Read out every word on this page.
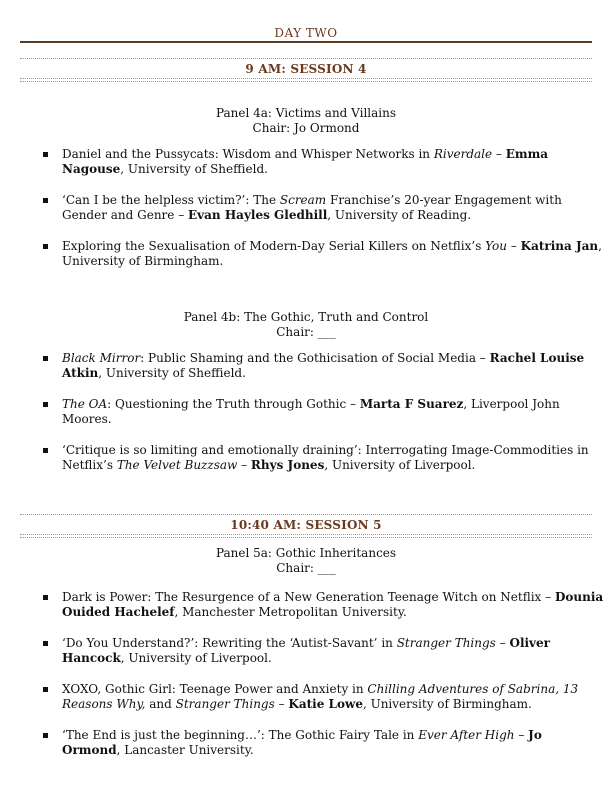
DAY TWO
9 AM: SESSION 4
Panel 4a: Victims and Villains
Chair: Jo Ormond
Daniel and the Pussycats: Wisdom and Whisper Networks in Riverdale – Emma Nagouse, University of Sheffield.
‘Can I be the helpless victim?’: The Scream Franchise’s 20-year Engagement with Gender and Genre – Evan Hayles Gledhill, University of Reading.
Exploring the Sexualisation of Modern-Day Serial Killers on Netflix’s You – Katrina Jan, University of Birmingham.
Panel 4b: The Gothic, Truth and Control
Chair: ___
Black Mirror: Public Shaming and the Gothicisation of Social Media – Rachel Louise Atkin, University of Sheffield.
The OA: Questioning the Truth through Gothic – Marta F Suarez, Liverpool John Moores.
‘Critique is so limiting and emotionally draining’: Interrogating Image-Commodities in Netflix’s The Velvet Buzzsaw – Rhys Jones, University of Liverpool.
10:40 AM: SESSION 5
Panel 5a: Gothic Inheritances
Chair: ___
Dark is Power: The Resurgence of a New Generation Teenage Witch on Netflix – Dounia Ouided Hachelef, Manchester Metropolitan University.
‘Do You Understand?’: Rewriting the ‘Autist-Savant’ in Stranger Things – Oliver Hancock, University of Liverpool.
XOXO, Gothic Girl: Teenage Power and Anxiety in Chilling Adventures of Sabrina, 13 Reasons Why, and Stranger Things – Katie Lowe, University of Birmingham.
‘The End is just the beginning…’: The Gothic Fairy Tale in Ever After High – Jo Ormond, Lancaster University.
